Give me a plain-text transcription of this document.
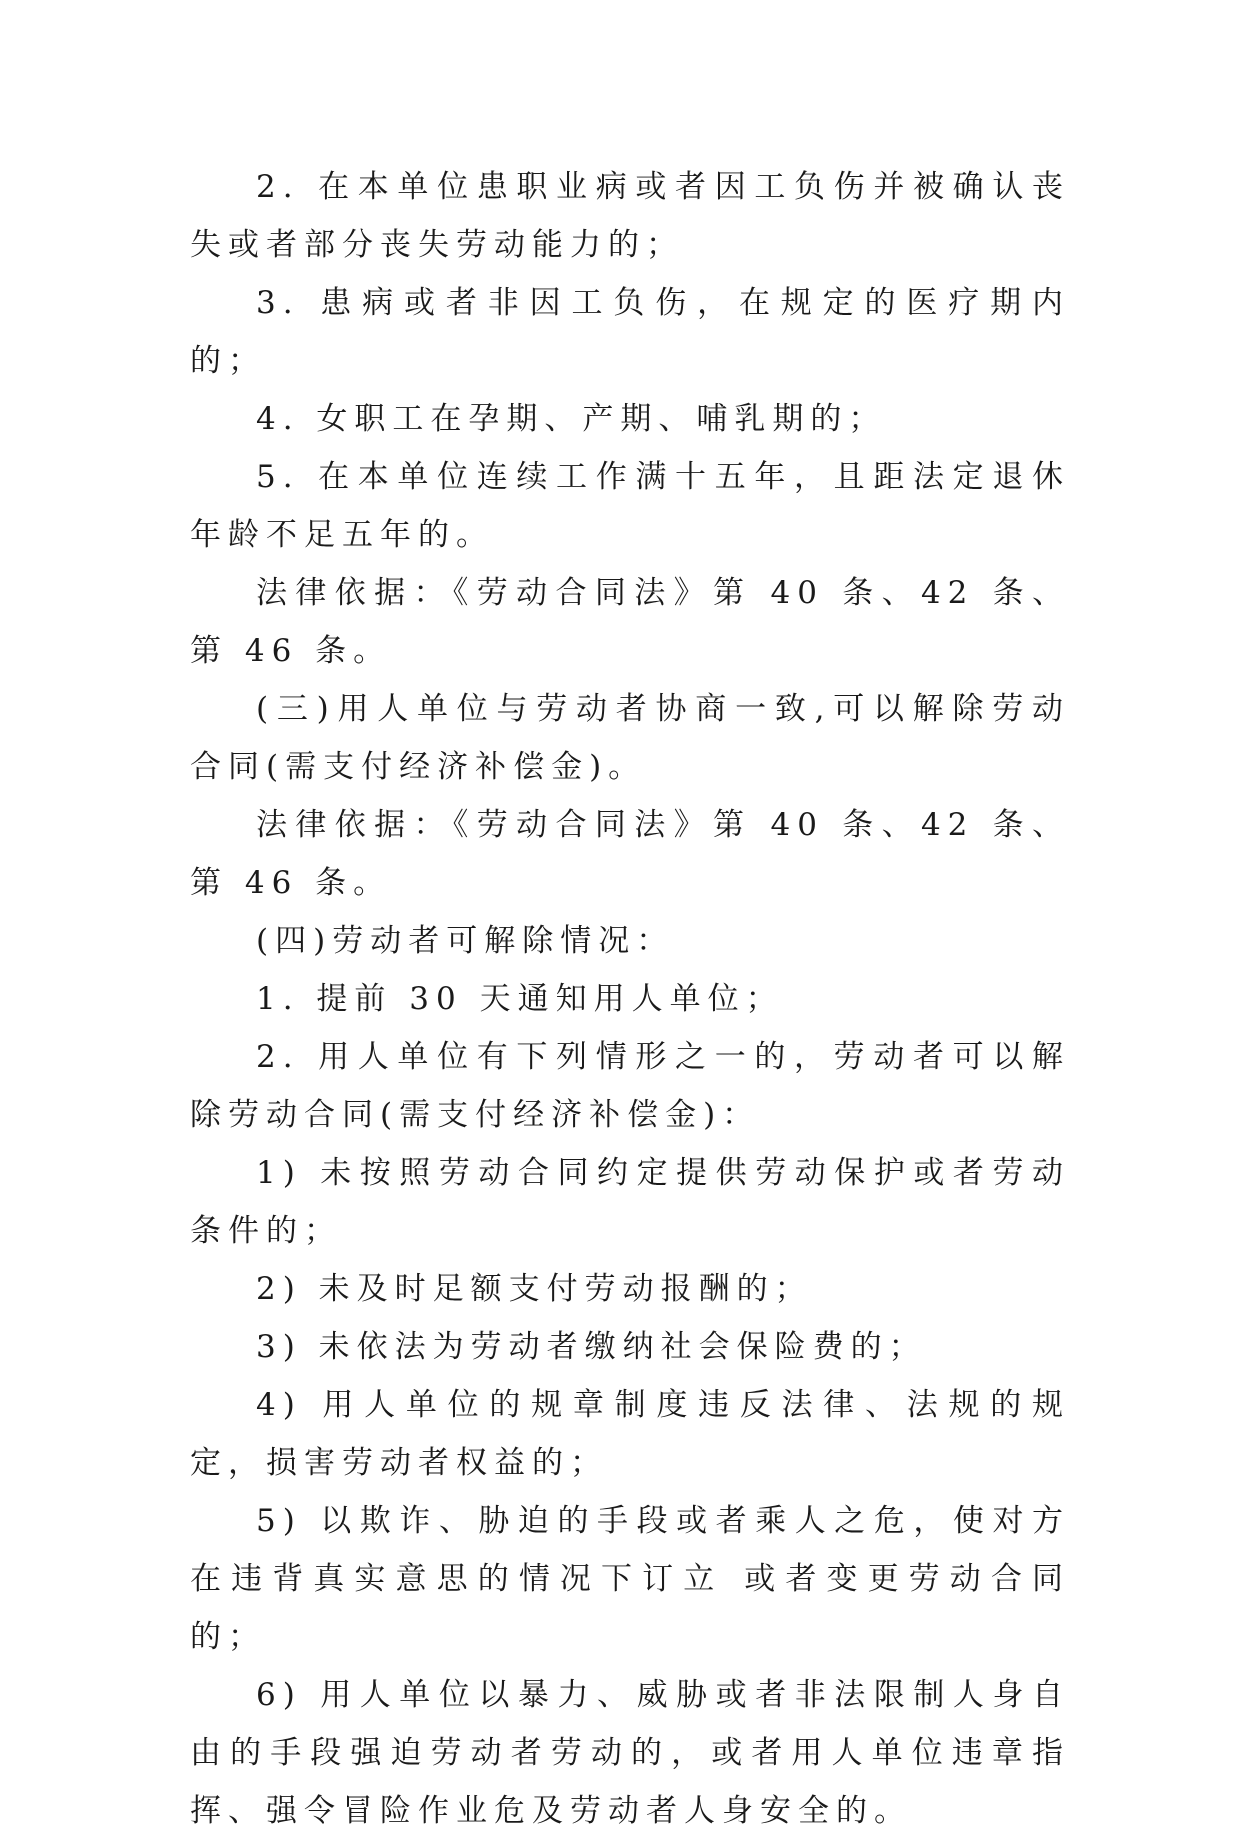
2. 在本单位患职业病或者因工负伤并被确认丧失或者部分丧失劳动能力的；

3. 患病或者非因工负伤，在规定的医疗期内的；

4. 女职工在孕期、产期、哺乳期的；

5. 在本单位连续工作满十五年，且距法定退休年龄不足五年的。

法律依据：《劳动合同法》第 40 条、42 条、第 46 条。

(三)用人单位与劳动者协商一致,可以解除劳动合同(需支付经济补偿金)。

法律依据：《劳动合同法》第 40 条、42 条、第 46 条。

(四)劳动者可解除情况：

1. 提前 30 天通知用人单位；

2. 用人单位有下列情形之一的，劳动者可以解除劳动合同(需支付经济补偿金)：

1) 未按照劳动合同约定提供劳动保护或者劳动条件的；

2) 未及时足额支付劳动报酬的；

3) 未依法为劳动者缴纳社会保险费的；

4) 用人单位的规章制度违反法律、法规的规定，损害劳动者权益的；

5) 以欺诈、胁迫的手段或者乘人之危，使对方在违背真实意思的情况下订立 或者变更劳动合同的；

6) 用人单位以暴力、威胁或者非法限制人身自由的手段强迫劳动者劳动的，或者用人单位违章指挥、强令冒险作业危及劳动者人身安全的。
